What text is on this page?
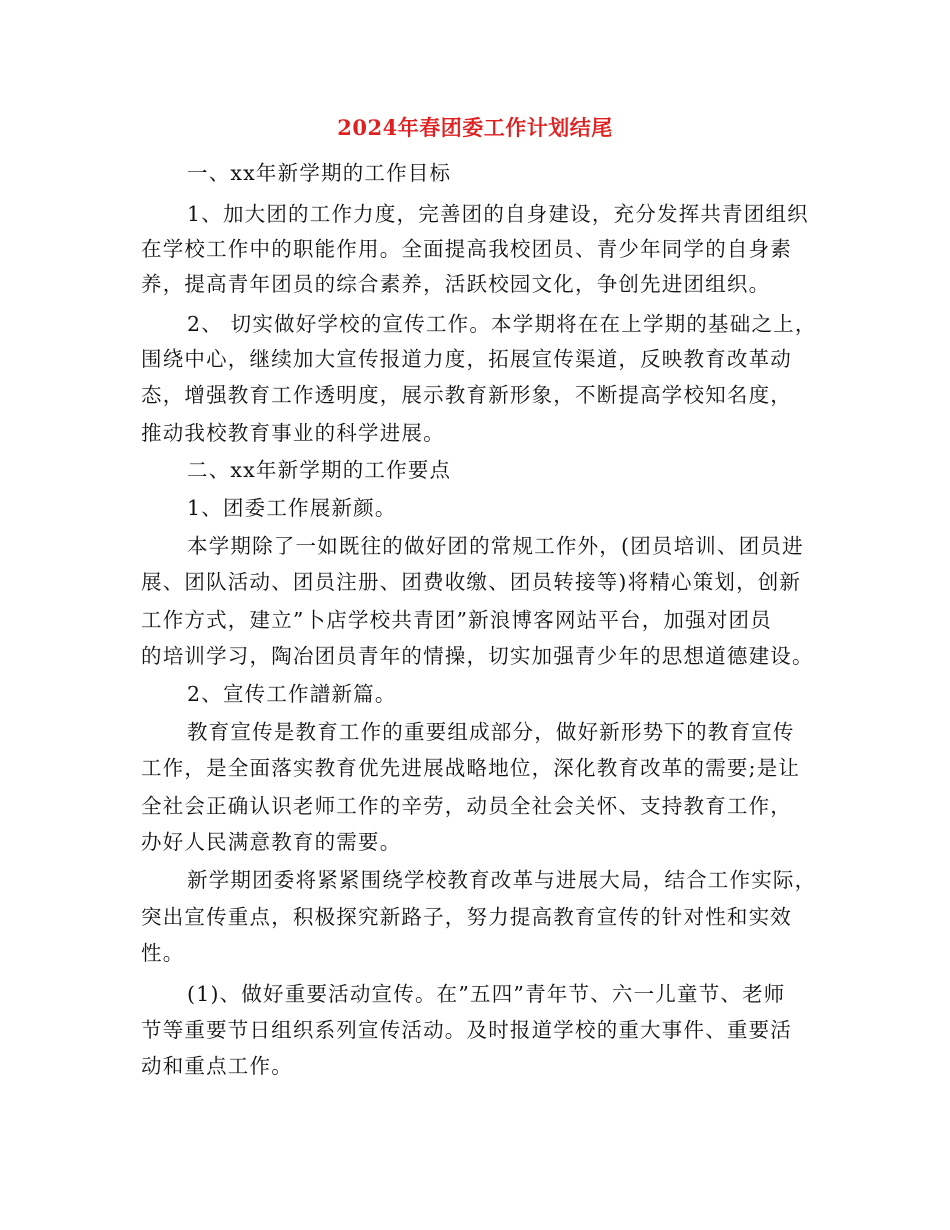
2024年春团委工作计划结尾
一、xx年新学期的工作目标
1、加大团的工作力度，完善团的自身建设，充分发挥共青团组织
在学校工作中的职能作用。全面提高我校团员、青少年同学的自身素
养，提高青年团员的综合素养，活跃校园文化，争创先进团组织。
2、 切实做好学校的宣传工作。本学期将在在上学期的基础之上，
围绕中心，继续加大宣传报道力度，拓展宣传渠道，反映教育改革动
态，增强教育工作透明度，展示教育新形象，不断提高学校知名度，
推动我校教育事业的科学进展。
二、xx年新学期的工作要点
1、团委工作展新颜。
本学期除了一如既往的做好团的常规工作外，(团员培训、团员进
展、团队活动、团员注册、团费收缴、团员转接等)将精心策划，创新
工作方式，建立”卜店学校共青团”新浪博客网站平台，加强对团员
的培训学习，陶冶团员青年的情操，切实加强青少年的思想道德建设。
2、宣传工作譜新篇。
教育宣传是教育工作的重要组成部分，做好新形势下的教育宣传
工作，是全面落实教育优先进展战略地位，深化教育改革的需要;是让
全社会正确认识老师工作的辛劳，动员全社会关怀、支持教育工作，
办好人民满意教育的需要。
新学期团委将紧紧围绕学校教育改革与进展大局，结合工作实际，
突出宣传重点，积极探究新路子，努力提高教育宣传的针对性和实效
性。
(1)、做好重要活动宣传。在”五四”青年节、六一儿童节、老师
节等重要节日组织系列宣传活动。及时报道学校的重大事件、重要活
动和重点工作。
